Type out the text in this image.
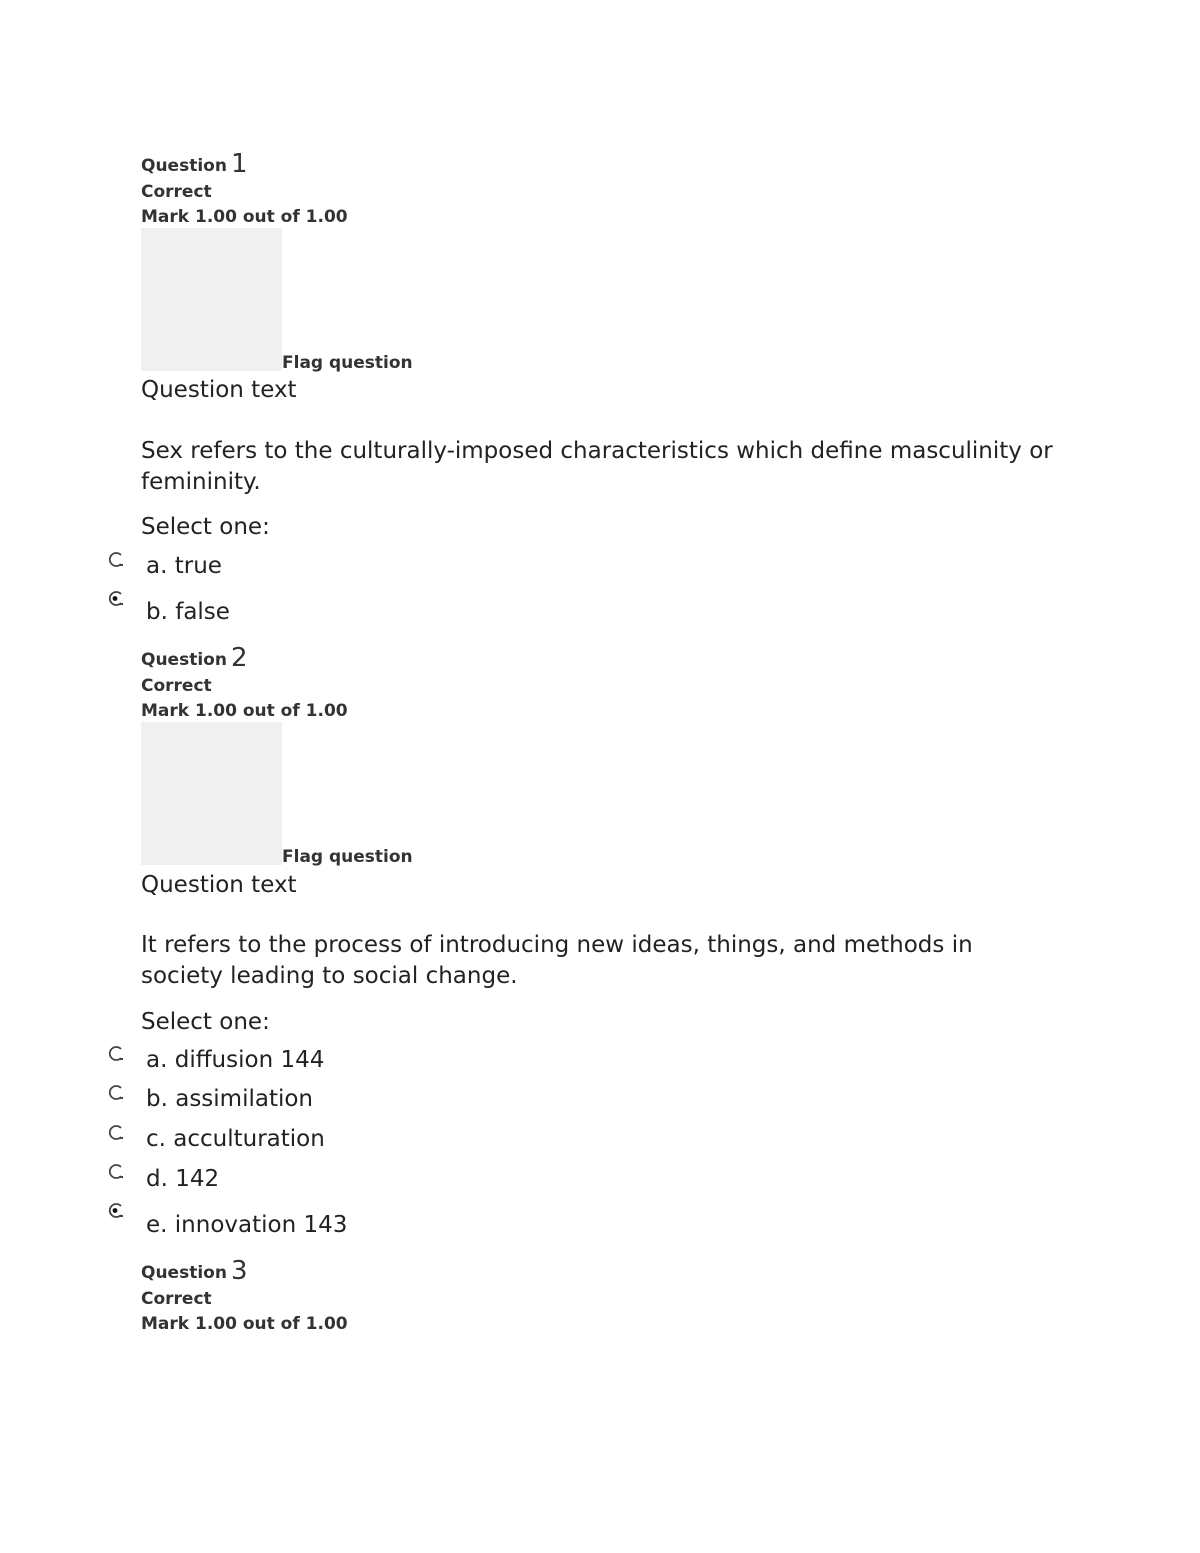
Question 1
Correct
Mark 1.00 out of 1.00
Flag question
Question text
Sex refers to the culturally-imposed characteristics which define masculinity or femininity.
Select one:
a. true
b. false
Question 2
Correct
Mark 1.00 out of 1.00
Flag question
Question text
It refers to the process of introducing new ideas, things, and methods in society leading to social change.
Select one:
a. diffusion 144
b. assimilation
c. acculturation
d. 142
e. innovation 143
Question 3
Correct
Mark 1.00 out of 1.00
